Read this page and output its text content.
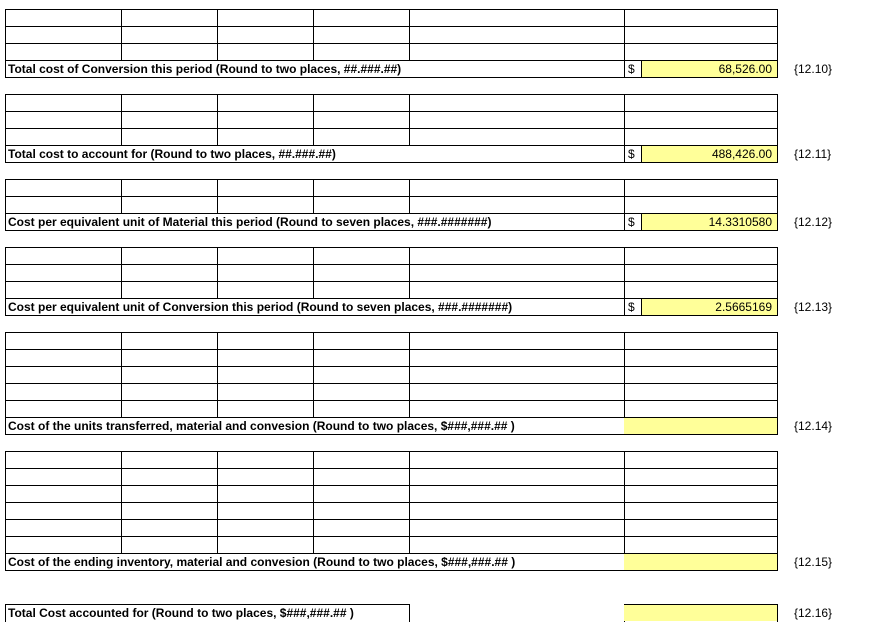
Total cost of Conversion this period (Round to two places, ##.###.##)	$	68,526.00 {12.10}
Total cost to account for (Round to two places, ##.###.##)	$	488,426.00 {12.11}
Cost per equivalent unit of Material this period (Round to seven places, ###.#######)	$	14.3310580 {12.12}
Cost per equivalent unit of Conversion this period (Round to seven places, ###.#######)	$	2.5665169 {12.13}
Cost of the units transferred, material and convesion (Round to two places, $###,###.## )	{12.14}
Cost of the ending inventory, material and convesion (Round to two places, $###,###.## )	{12.15}
Total Cost accounted for (Round to two places, $###,###.## )	{12.16}
